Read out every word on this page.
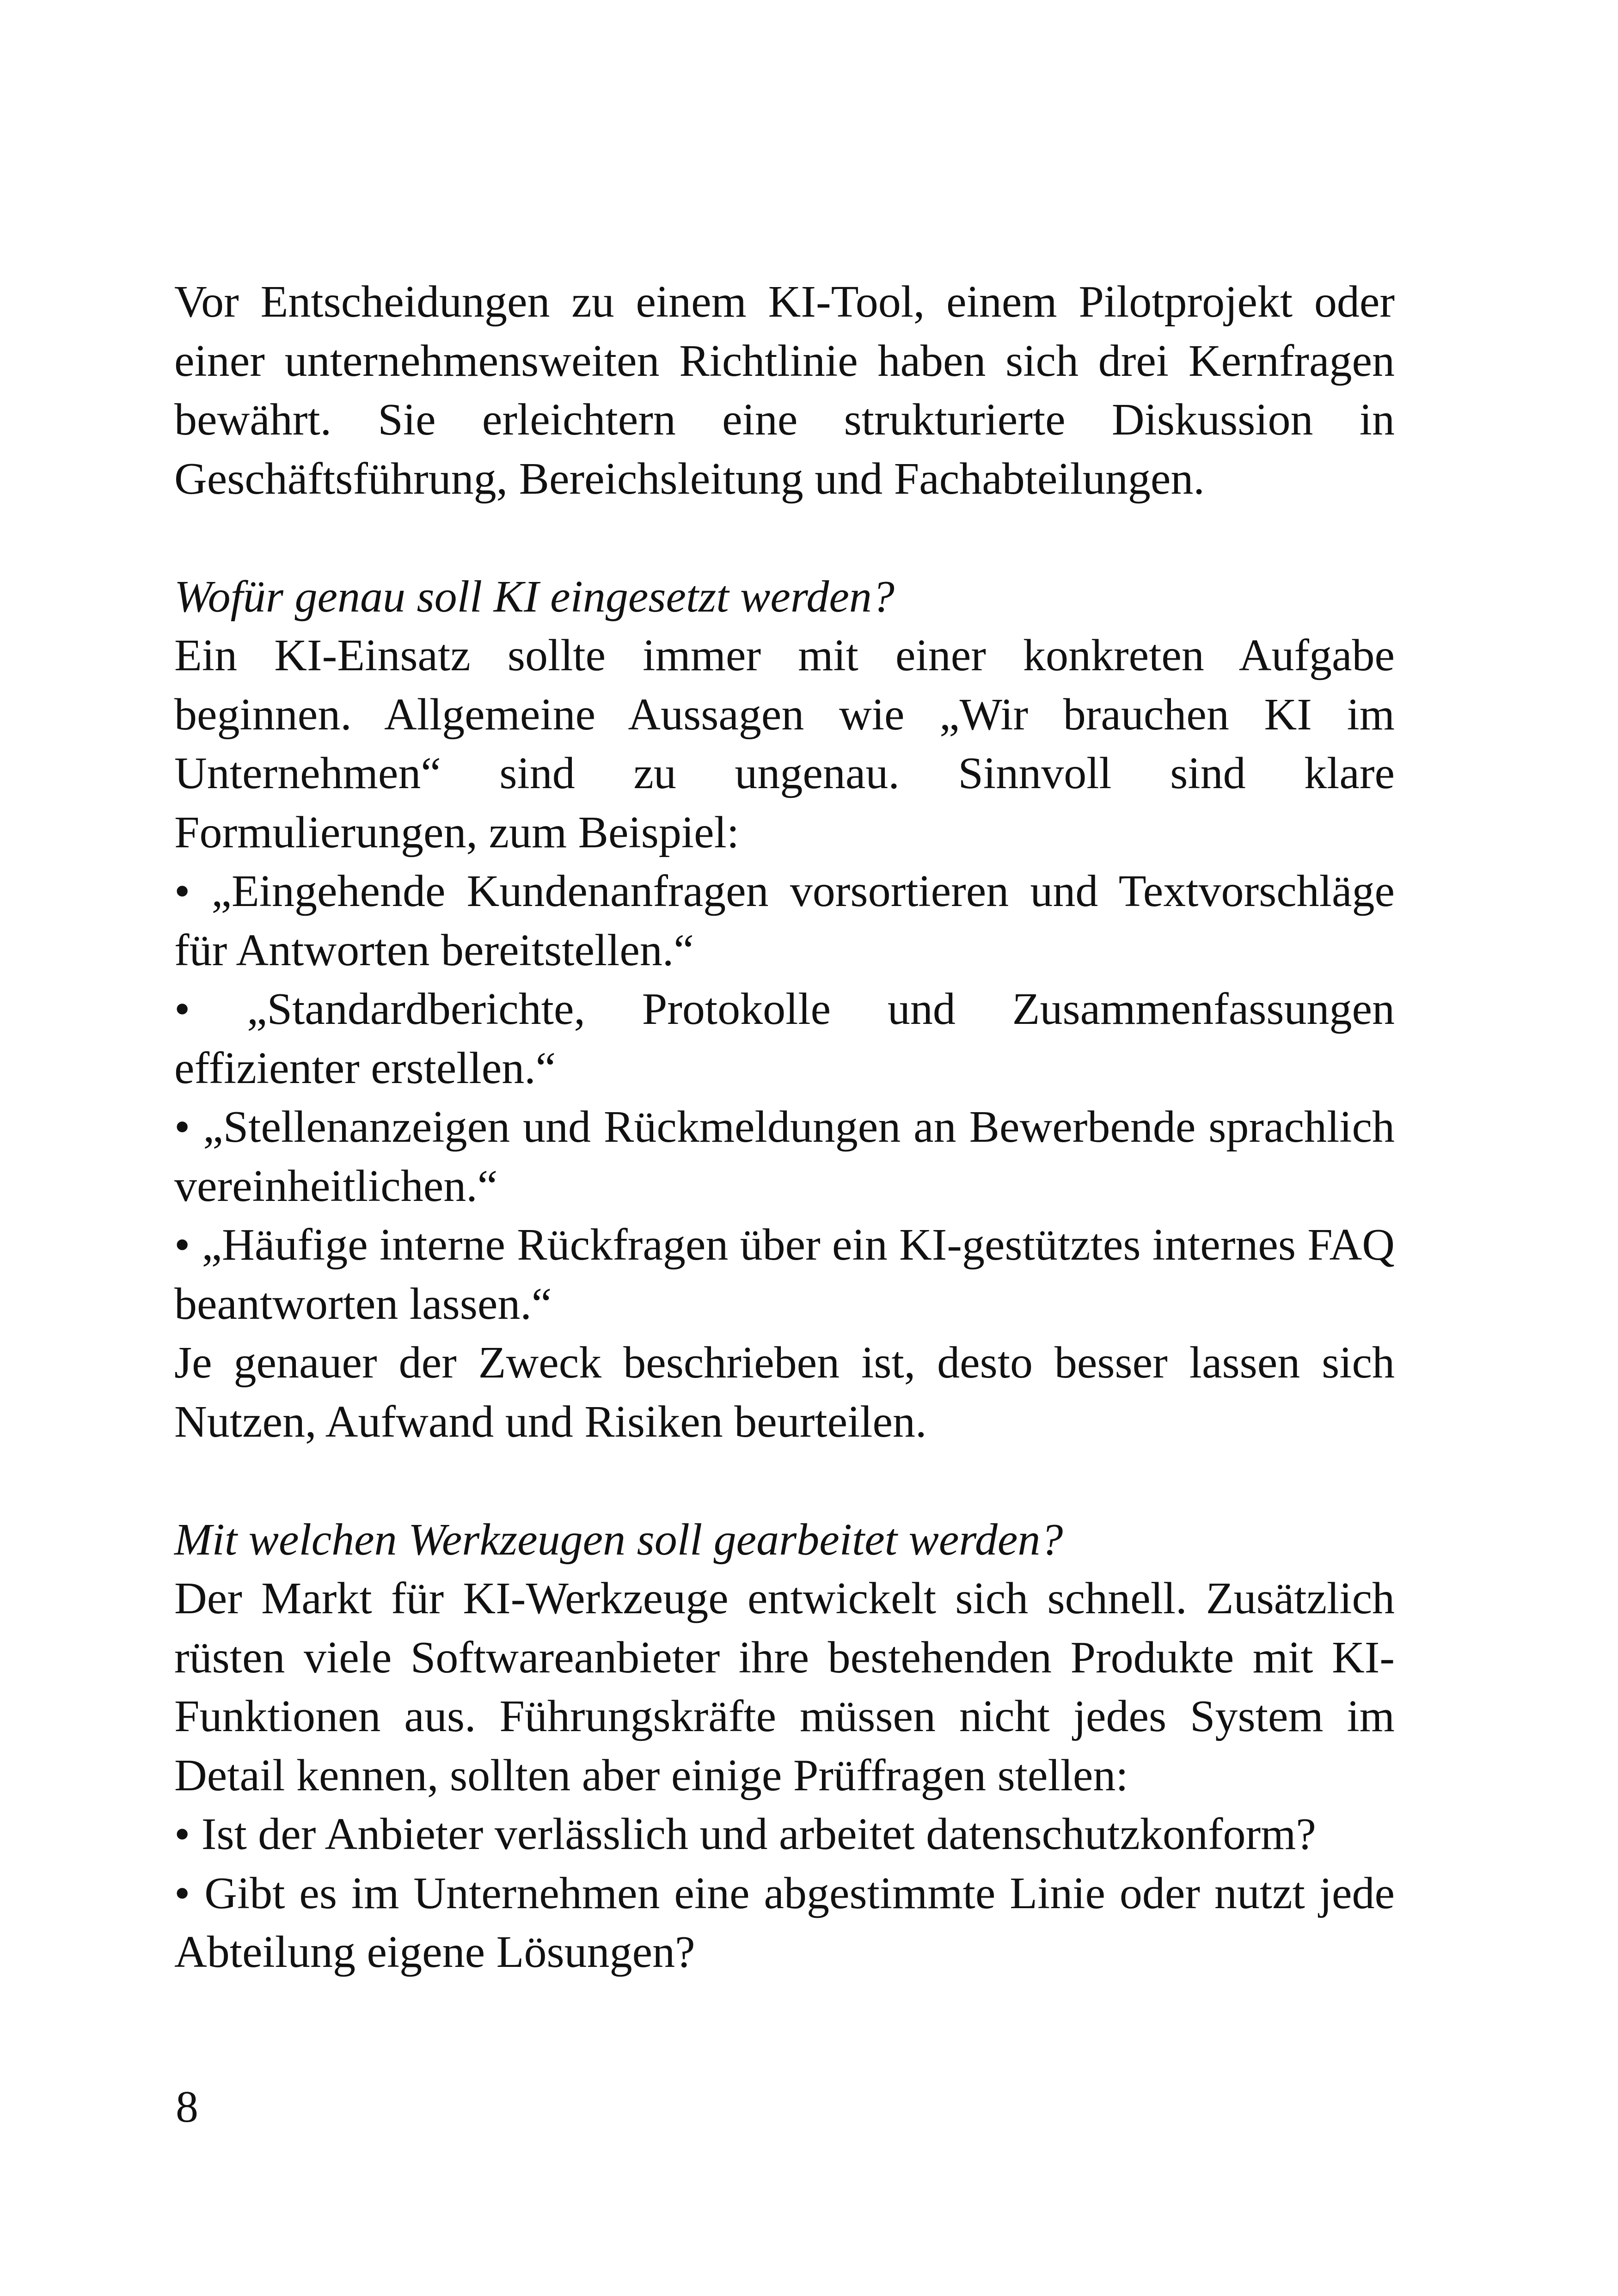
Vor Entscheidungen zu einem KI-Tool, einem Pilotprojekt oder einer unternehmensweiten Richtlinie haben sich drei Kernfragen bewährt. Sie erleichtern eine strukturierte Diskussion in Geschäftsführung, Bereichsleitung und Fachabteilungen.

Wofür genau soll KI eingesetzt werden?

Ein KI-Einsatz sollte immer mit einer konkreten Aufgabe beginnen. Allgemeine Aussagen wie „Wir brauchen KI im Unternehmen“ sind zu ungenau. Sinnvoll sind klare Formulierungen, zum Beispiel:

• „Eingehende Kundenanfragen vorsortieren und Textvorschläge für Antworten bereitstellen.“

• „Standardberichte, Protokolle und Zusammenfassungen effizienter erstellen.“

• „Stellenanzeigen und Rückmeldungen an Bewerbende sprachlich vereinheitlichen.“

• „Häufige interne Rückfragen über ein KI-gestütztes internes FAQ beantworten lassen.“

Je genauer der Zweck beschrieben ist, desto besser lassen sich Nutzen, Aufwand und Risiken beurteilen.

Mit welchen Werkzeugen soll gearbeitet werden?

Der Markt für KI-Werkzeuge entwickelt sich schnell. Zusätzlich rüsten viele Softwareanbieter ihre bestehenden Produkte mit KI-Funktionen aus. Führungskräfte müssen nicht jedes System im Detail kennen, sollten aber einige Prüffragen stellen:

• Ist der Anbieter verlässlich und arbeitet datenschutzkonform?

• Gibt es im Unternehmen eine abgestimmte Linie oder nutzt jede Abteilung eigene Lösungen?

8
